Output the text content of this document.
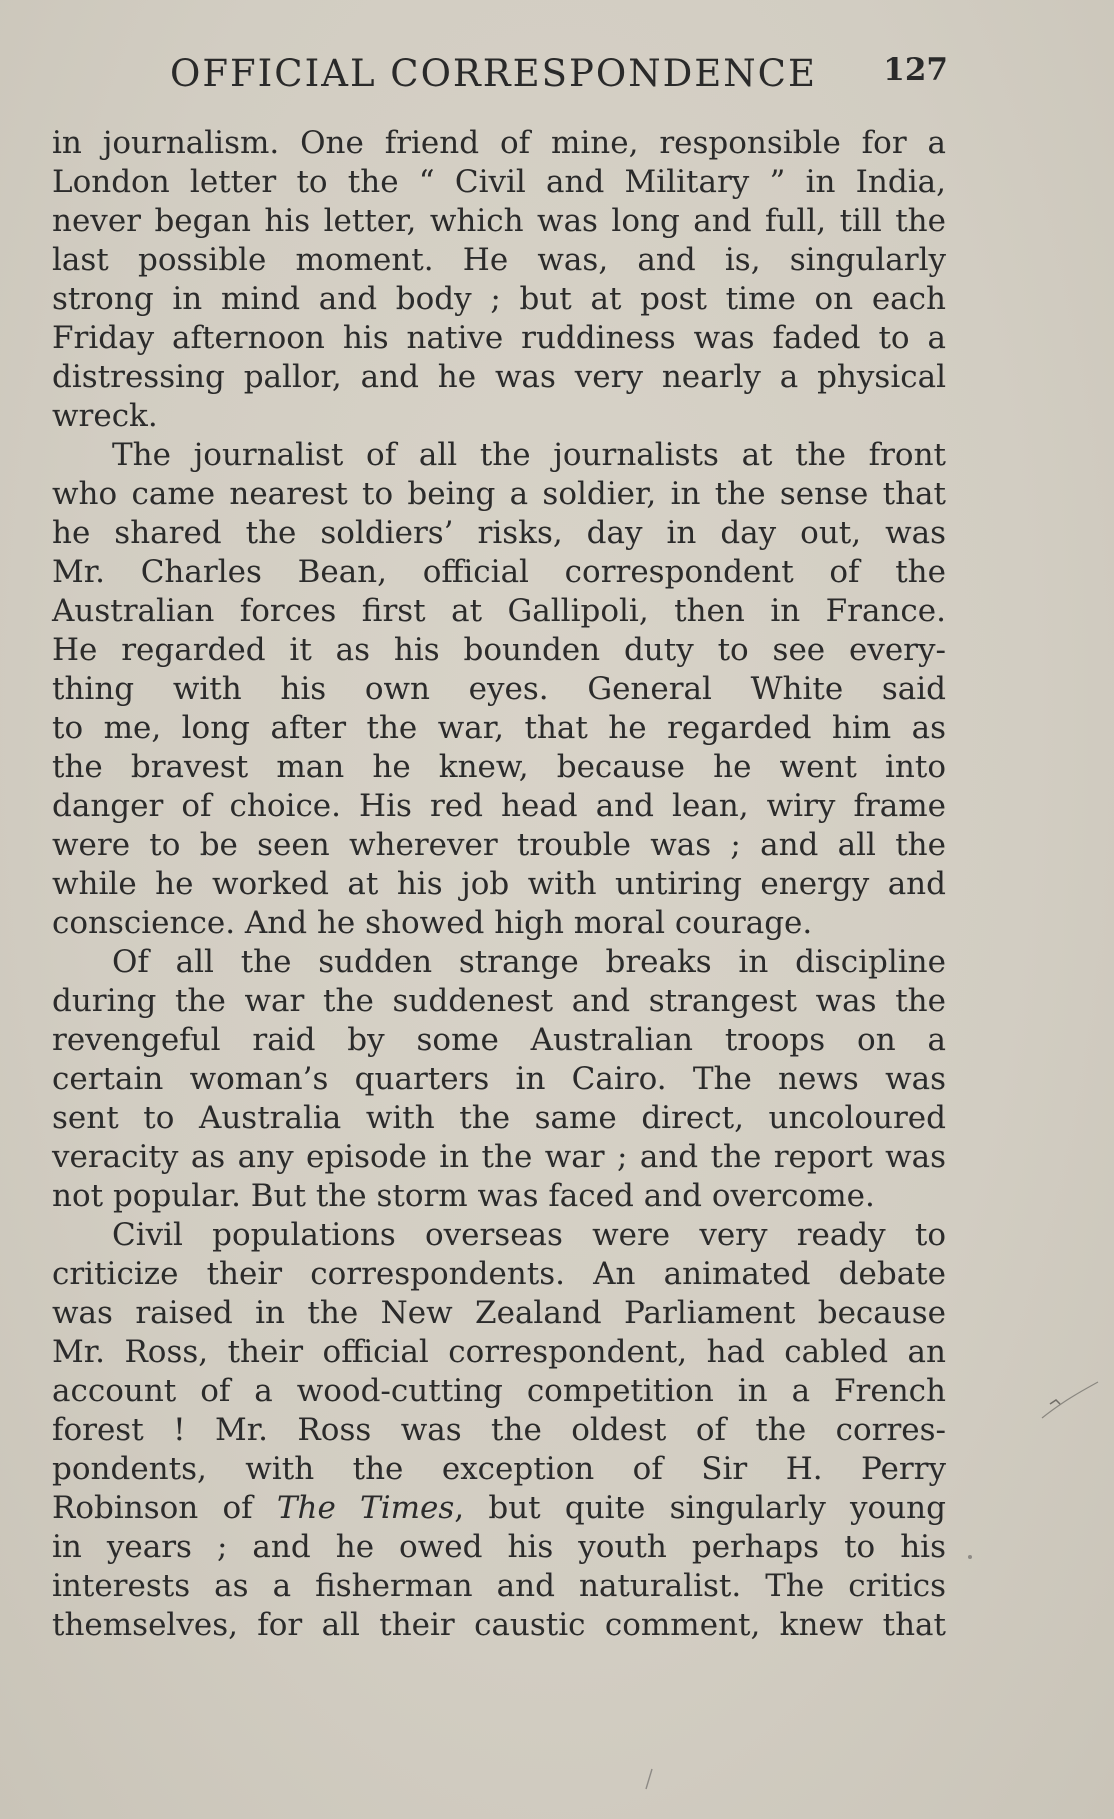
OFFICIAL CORRESPONDENCE 127
in journalism. One friend of mine, responsible for a
London letter to the “ Civil and Military ” in India,
never began his letter, which was long and full, till the
last possible moment. He was, and is, singularly
strong in mind and body ; but at post time on each
Friday afternoon his native ruddiness was faded to a
distressing pallor, and he was very nearly a physical
wreck.
The journalist of all the journalists at the front
who came nearest to being a soldier, in the sense that
he shared the soldiers’ risks, day in day out, was
Mr. Charles Bean, official correspondent of the
Australian forces first at Gallipoli, then in France.
He regarded it as his bounden duty to see every-
thing with his own eyes. General White said
to me, long after the war, that he regarded him as
the bravest man he knew, because he went into
danger of choice. His red head and lean, wiry frame
were to be seen wherever trouble was ; and all the
while he worked at his job with untiring energy and
conscience. And he showed high moral courage.
Of all the sudden strange breaks in discipline
during the war the suddenest and strangest was the
revengeful raid by some Australian troops on a
certain woman’s quarters in Cairo. The news was
sent to Australia with the same direct, uncoloured
veracity as any episode in the war ; and the report was
not popular. But the storm was faced and overcome.
Civil populations overseas were very ready to
criticize their correspondents. An animated debate
was raised in the New Zealand Parliament because
Mr. Ross, their official correspondent, had cabled an
account of a wood-cutting competition in a French
forest ! Mr. Ross was the oldest of the corres-
pondents, with the exception of Sir H. Perry
Robinson of The Times, but quite singularly young
in years ; and he owed his youth perhaps to his
interests as a fisherman and naturalist. The critics
themselves, for all their caustic comment, knew that
